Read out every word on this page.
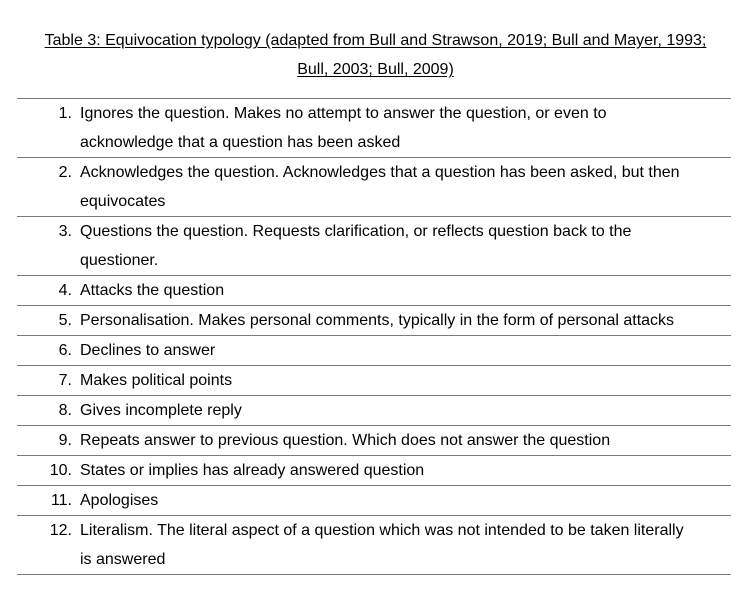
Table 3: Equivocation typology (adapted from Bull and Strawson, 2019; Bull and Mayer, 1993;
Bull, 2003; Bull, 2009)
1. Ignores the question. Makes no attempt to answer the question, or even to
acknowledge that a question has been asked
2. Acknowledges the question. Acknowledges that a question has been asked, but then
equivocates
3. Questions the question. Requests clarification, or reflects question back to the
questioner.
4. Attacks the question
5. Personalisation. Makes personal comments, typically in the form of personal attacks
6. Declines to answer
7. Makes political points
8. Gives incomplete reply
9. Repeats answer to previous question. Which does not answer the question
10. States or implies has already answered question
11. Apologises
12. Literalism. The literal aspect of a question which was not intended to be taken literally
is answered
